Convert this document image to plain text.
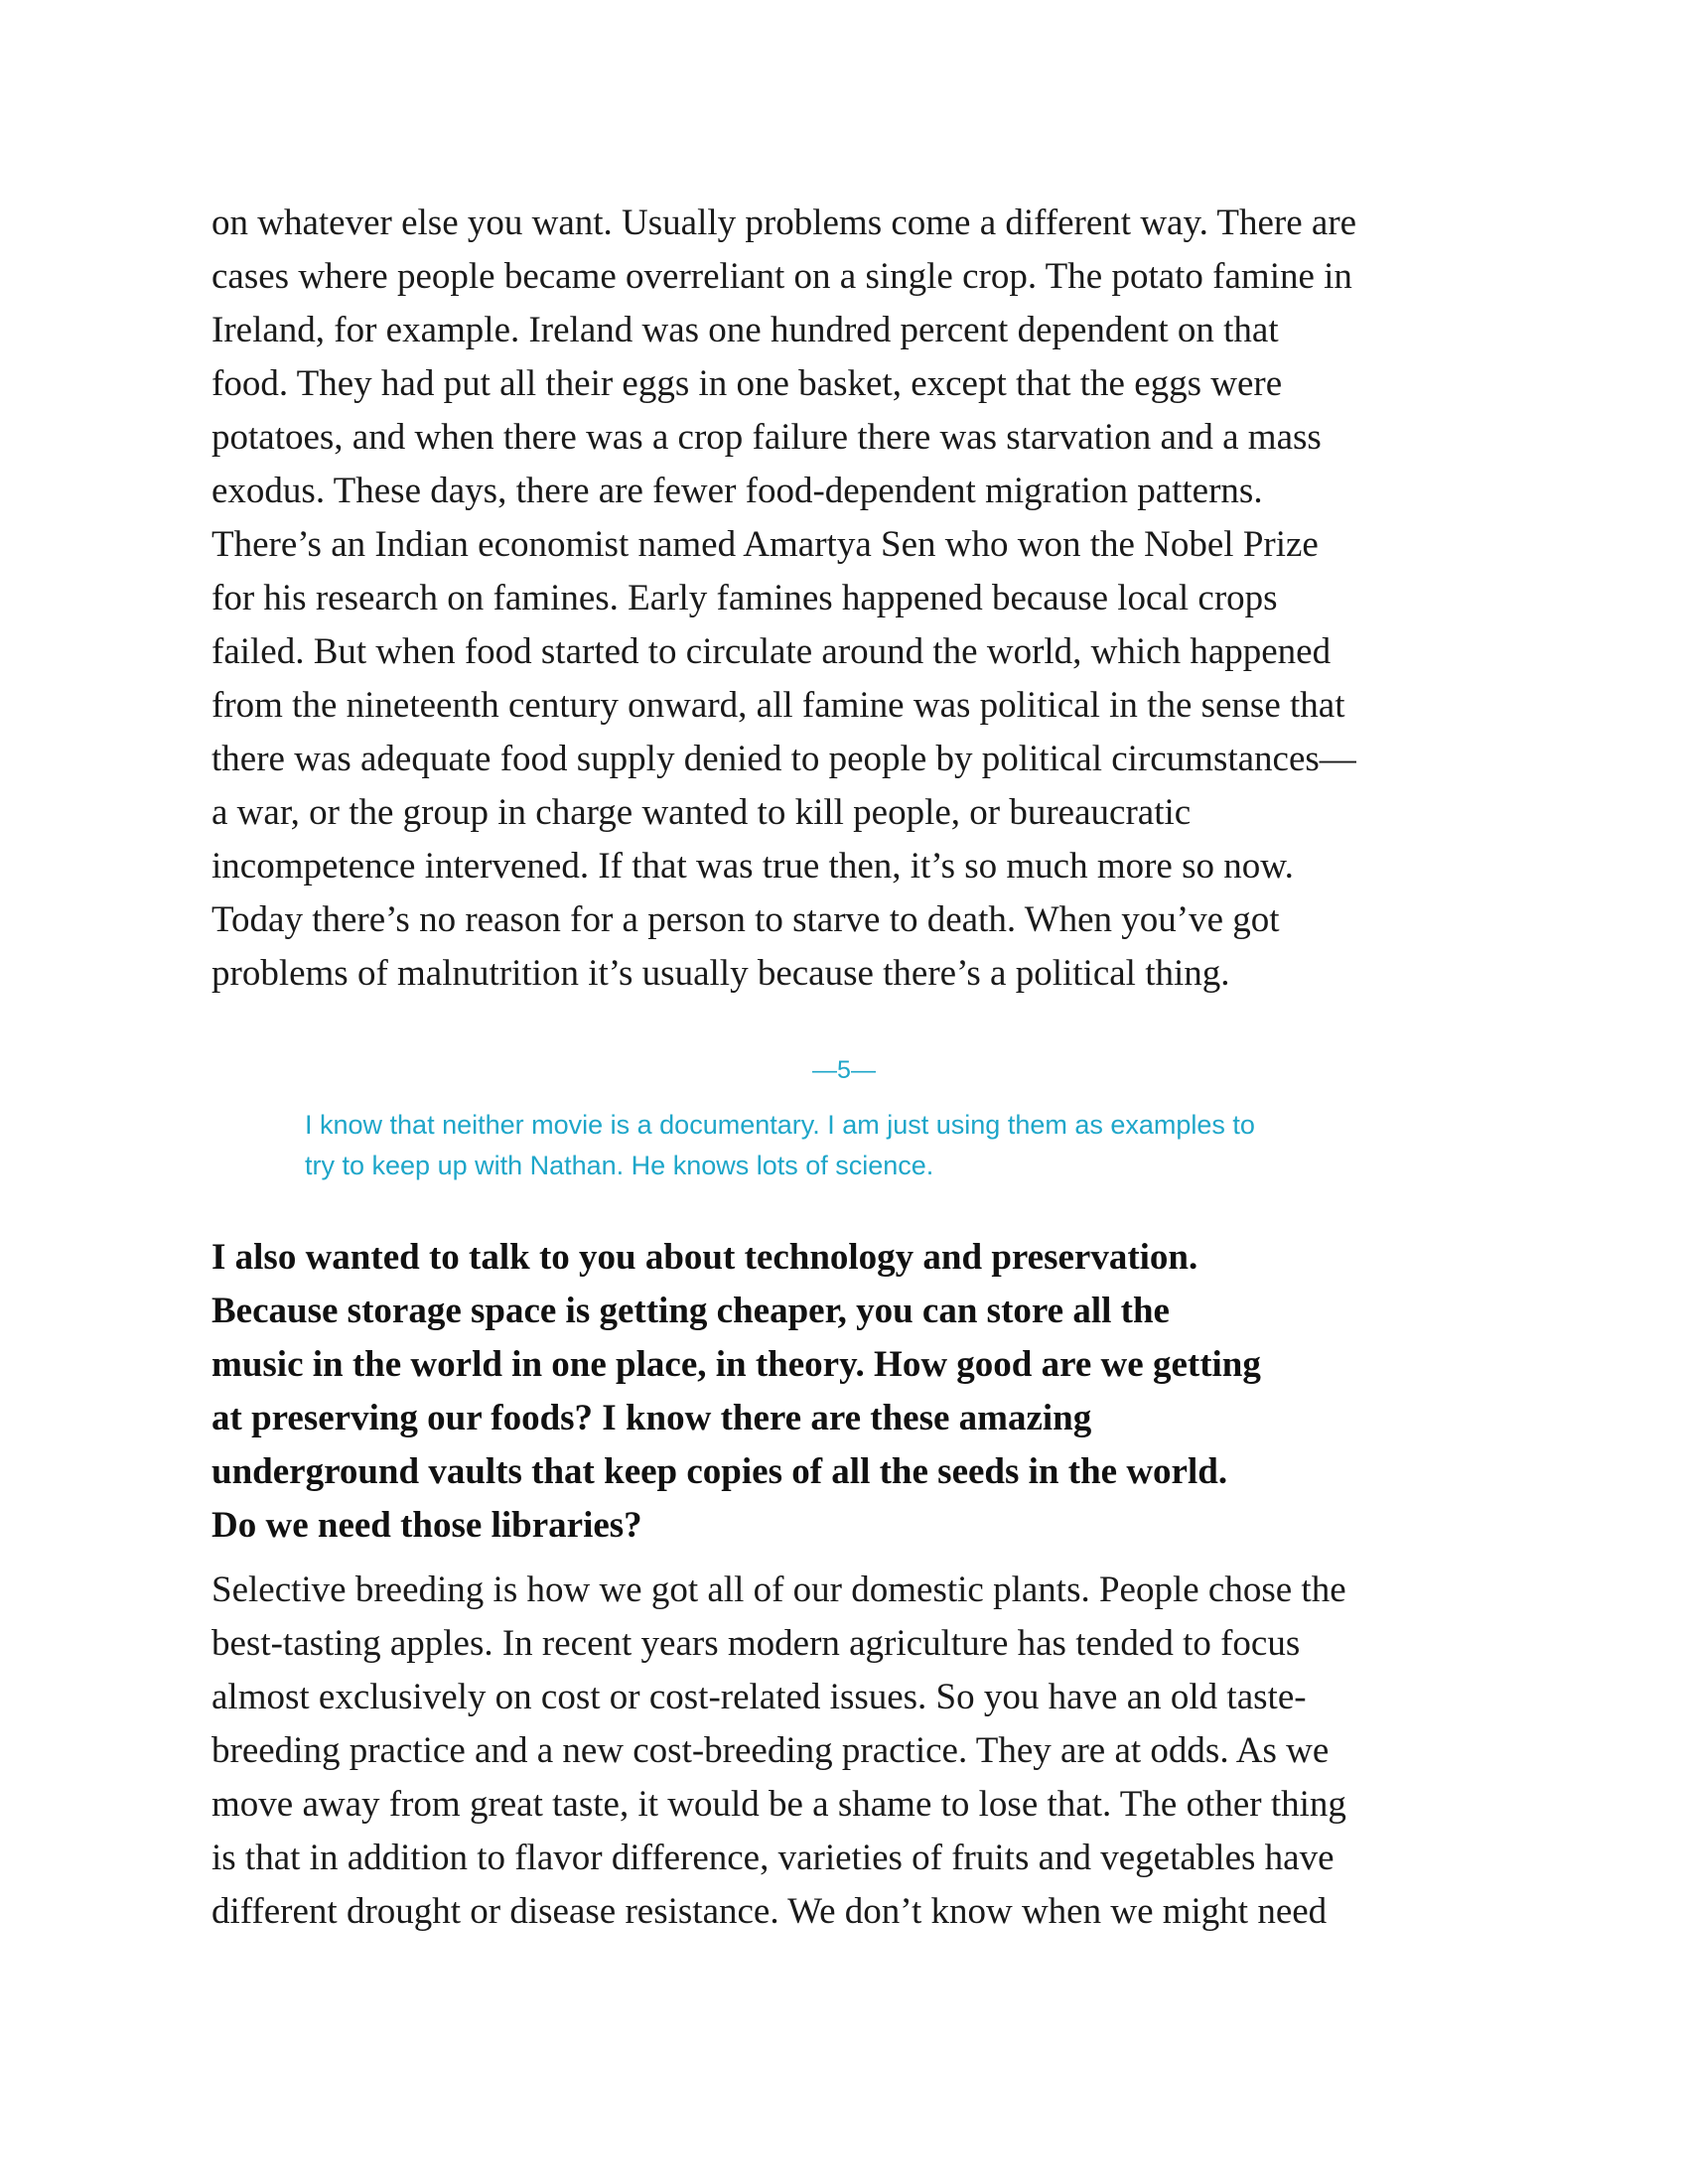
on whatever else you want. Usually problems come a different way. There are
cases where people became overreliant on a single crop. The potato famine in
Ireland, for example. Ireland was one hundred percent dependent on that
food. They had put all their eggs in one basket, except that the eggs were
potatoes, and when there was a crop failure there was starvation and a mass
exodus. These days, there are fewer food-dependent migration patterns.
There’s an Indian economist named Amartya Sen who won the Nobel Prize
for his research on famines. Early famines happened because local crops
failed. But when food started to circulate around the world, which happened
from the nineteenth century onward, all famine was political in the sense that
there was adequate food supply denied to people by political circumstances—
a war, or the group in charge wanted to kill people, or bureaucratic
incompetence intervened. If that was true then, it’s so much more so now.
Today there’s no reason for a person to starve to death. When you’ve got
problems of malnutrition it’s usually because there’s a political thing.
—5—
I know that neither movie is a documentary. I am just using them as examples to
try to keep up with Nathan. He knows lots of science.
I also wanted to talk to you about technology and preservation.
Because storage space is getting cheaper, you can store all the
music in the world in one place, in theory. How good are we getting
at preserving our foods? I know there are these amazing
underground vaults that keep copies of all the seeds in the world.
Do we need those libraries?
Selective breeding is how we got all of our domestic plants. People chose the
best-tasting apples. In recent years modern agriculture has tended to focus
almost exclusively on cost or cost-related issues. So you have an old taste-
breeding practice and a new cost-breeding practice. They are at odds. As we
move away from great taste, it would be a shame to lose that. The other thing
is that in addition to flavor difference, varieties of fruits and vegetables have
different drought or disease resistance. We don’t know when we might need
